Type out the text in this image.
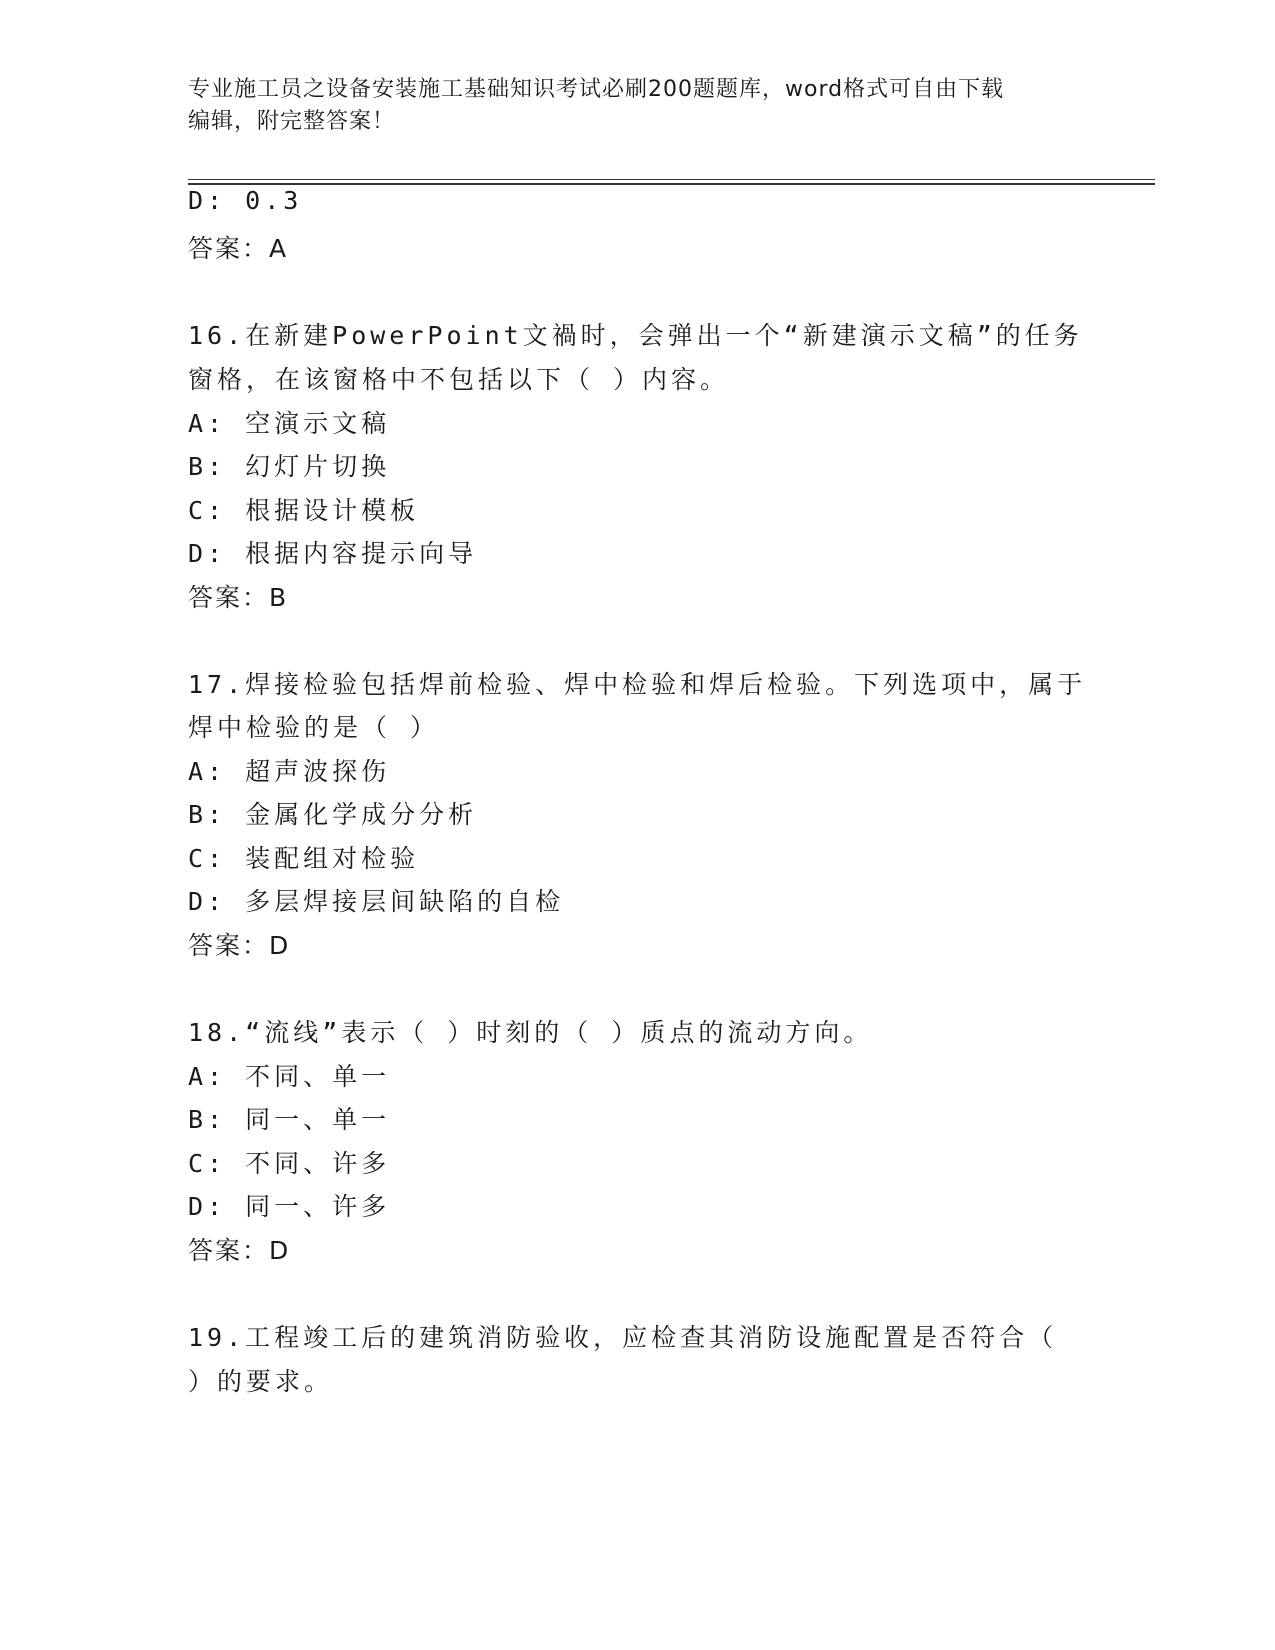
专业施工员之设备安装施工基础知识考试必刷200题题库，word格式可自由下载
编辑，附完整答案！
D: 0.3
答案：A
16.在新建PowerPoint文禍时，会弹出一个“新建演示文稿”的任务
窗格，在该窗格中不包括以下（ ）内容。
A: 空演示文稿
B: 幻灯片切换
C: 根据设计模板
D: 根据内容提示向导
答案：B
17.焊接检验包括焊前检验、焊中检验和焊后检验。下列选项中，属于
焊中检验的是（ ）
A: 超声波探伤
B: 金属化学成分分析
C: 装配组对检验
D: 多层焊接层间缺陷的自检
答案：D
18.“流线”表示（ ）时刻的（ ）质点的流动方向。
A: 不同、单一
B: 同一、单一
C: 不同、许多
D: 同一、许多
答案：D
19.工程竣工后的建筑消防验收，应检查其消防设施配置是否符合（
）的要求。
